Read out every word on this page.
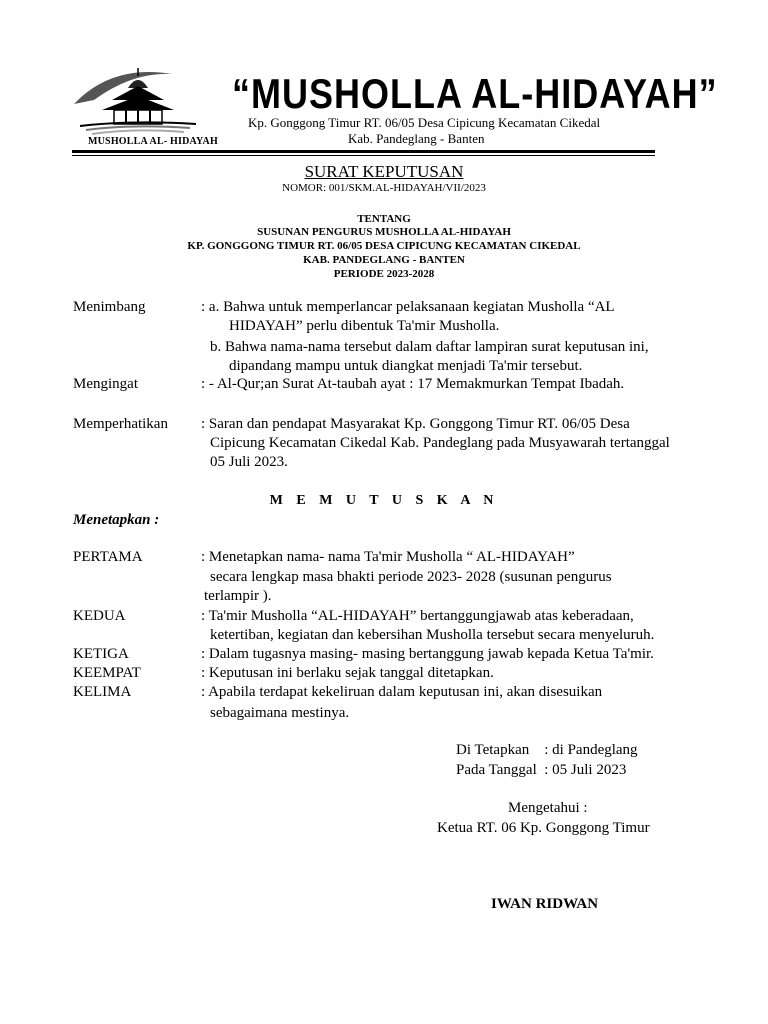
MUSHOLLA AL- HIDAYAH
“MUSHOLLA AL-HIDAYAH”
Kp. Gonggong Timur RT. 06/05 Desa Cipicung Kecamatan Cikedal
Kab. Pandeglang - Banten
SURAT KEPUTUSAN
NOMOR: 001/SKM.AL-HIDAYAH/VII/2023
TENTANG
SUSUNAN PENGURUS MUSHOLLA AL-HIDAYAH
KP. GONGGONG TIMUR RT. 06/05 DESA CIPICUNG KECAMATAN CIKEDAL
KAB. PANDEGLANG - BANTEN
PERIODE 2023-2028
Menimbang	: a. Bahwa untuk memperlancar pelaksanaan kegiatan Musholla “AL
HIDAYAH” perlu dibentuk Ta'mir Musholla.
b. Bahwa nama-nama tersebut dalam daftar lampiran surat keputusan ini,
dipandang mampu untuk diangkat menjadi Ta'mir tersebut.
Mengingat	: - Al-Qur;an Surat At-taubah ayat : 17 Memakmurkan Tempat Ibadah.
Memperhatikan : Saran dan pendapat Masyarakat Kp. Gonggong Timur RT. 06/05 Desa
Cipicung Kecamatan Cikedal Kab. Pandeglang pada Musyawarah tertanggal
05 Juli 2023.
M E M U T U S K A N
Menetapkan :
PERTAMA	: Menetapkan nama- nama Ta'mir Musholla “ AL-HIDAYAH”
secara lengkap masa bhakti periode 2023- 2028 (susunan pengurus
terlampir ).
KEDUA	: Ta'mir Musholla “AL-HIDAYAH” bertanggungjawab atas keberadaan,
ketertiban, kegiatan dan kebersihan Musholla tersebut secara menyeluruh.
KETIGA	: Dalam tugasnya masing- masing bertanggung jawab kepada Ketua Ta'mir.
KEEMPAT	: Keputusan ini berlaku sejak tanggal ditetapkan.
KELIMA	: Apabila terdapat kekeliruan dalam keputusan ini, akan disesuikan
sebagaimana mestinya.
Di Tetapkan    : di Pandeglang
Pada Tanggal  : 05 Juli 2023
Mengetahui :
Ketua RT. 06 Kp. Gonggong Timur
IWAN RIDWAN
